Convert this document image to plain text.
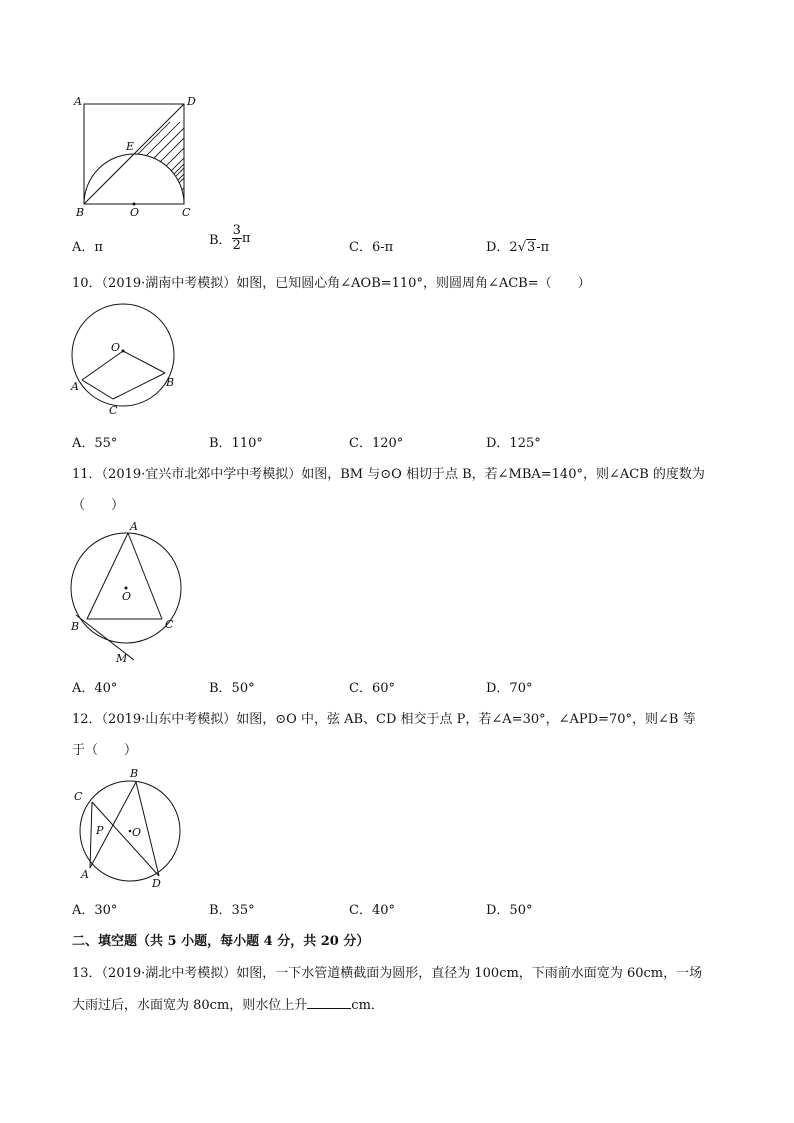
A	D
E
B	O	C
A．π	B． $\frac{3}{2}$ π
C．6-π	D．2√3-π
10．（2019·湖南中考模拟）如图，已知圆心角∠AOB=110°，则圆周角∠ACB=（　　）
O
A	B
C
A．55°	B．110°	C．120°	D．125°
11．（2019·宜兴市北郊中学中考模拟）如图，BM 与⊙O 相切于点 B，若∠MBA=140°，则∠ACB 的度数为
（　　）
A
O
B	C
M
A．40°	B．50°	C．60°	D．70°
12．（2019·山东中考模拟）如图，⊙O 中，弦 AB、CD 相交于点 P，若∠A=30°，∠APD=70°，则∠B 等
于（　　）
B
C
P	O
A
D
A．30°	B．35°	C．40°	D．50°
二、填空题（共 5 小题，每小题 4 分，共 20 分）
13．（2019·湖北中考模拟）如图，一下水管道横截面为圆形，直径为 100cm，下雨前水面宽为 60cm，一场
大雨过后，水面宽为 80cm，则水位上升	cm．
